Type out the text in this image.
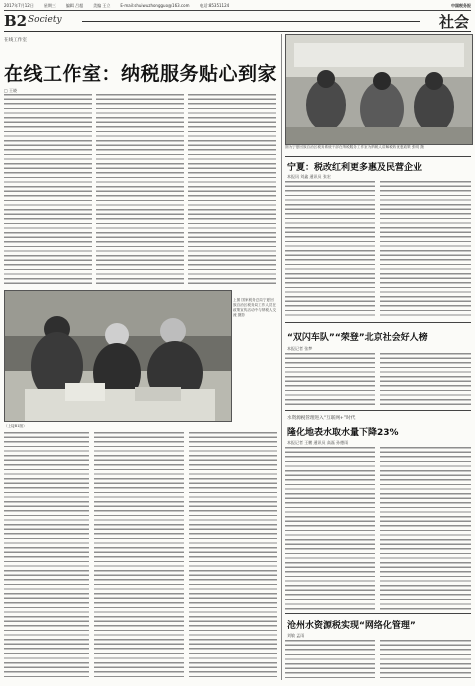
2017年7月12日	星期三	编辑 吕超	美编 王立	E-mail:shuiwuzhongguo@163.com	电话:85351124	中国税务报
B2 Society	社会
在线工作室
在线工作室：纳税服务贴心到家
□ 王晓
上图 国家税务总局宁夏回族自治区税务局工作人员在政策宣传活动中与纳税人交流 摄影
（上接B1版）
图为宁夏回族自治区税务系统干部在纳税服务工作室为纳税人讲解税收优惠政策 张明 摄
宁夏：税改红利更多惠及民营企业
本报讯 刘鑫 通讯员 张宏
“双闪车队”“荣登”北京社会好人榜
本报记者 张梦
水资源税管理进入“互联网+”时代
隆化地表水取水量下降23%
本报记者 王鹏 通讯员 高磊 孙德雨
沧州水资源税实现“网络化管理”
刘敏 孟雨
